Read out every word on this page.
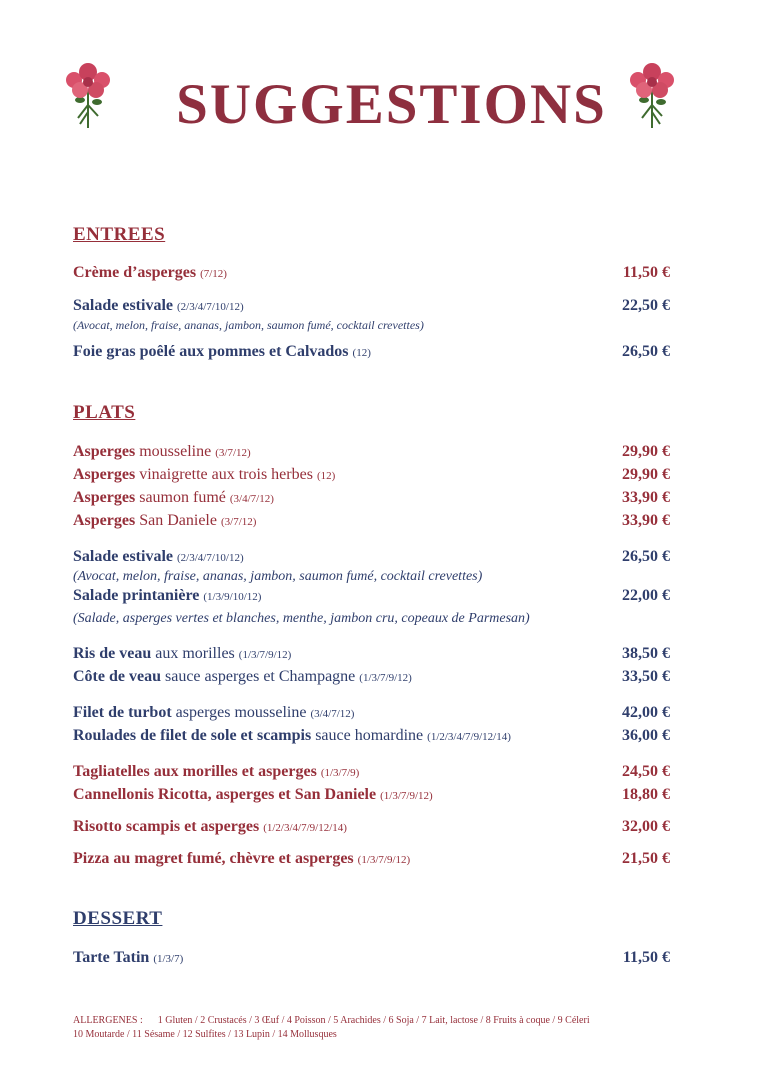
SUGGESTIONS
ENTREES
Crème d’asperges (7/12)	11,50 €
Salade estivale (2/3/4/7/10/12)	22,50 €
(Avocat, melon, fraise, ananas, jambon, saumon fumé, cocktail crevettes)
Foie gras poêlé aux pommes et Calvados (12)	26,50 €
PLATS
Asperges mousseline (3/7/12)	29,90 €
Asperges vinaigrette aux trois herbes (12)	29,90 €
Asperges saumon fumé (3/4/7/12)	33,90 €
Asperges San Daniele (3/7/12)	33,90 €
Salade estivale (2/3/4/7/10/12)	26,50 €
(Avocat, melon, fraise, ananas, jambon, saumon fumé, cocktail crevettes)
Salade printanière (1/3/9/10/12)	22,00 €
(Salade, asperges vertes et blanches, menthe, jambon cru, copeaux de Parmesan)
Ris de veau aux morilles (1/3/7/9/12)	38,50 €
Côte de veau sauce asperges et Champagne (1/3/7/9/12)	33,50 €
Filet de turbot asperges mousseline (3/4/7/12)	42,00 €
Roulades de filet de sole et scampis sauce homardine (1/2/3/4/7/9/12/14)	36,00 €
Tagliatelles aux morilles et asperges (1/3/7/9)	24,50 €
Cannellonis Ricotta, asperges et San Daniele (1/3/7/9/12)	18,80 €
Risotto scampis et asperges (1/2/3/4/7/9/12/14)	32,00 €
Pizza au magret fumé, chèvre et asperges (1/3/7/9/12)	21,50 €
DESSERT
Tarte Tatin (1/3/7)	11,50 €
ALLERGENES :      1 Gluten / 2 Crustacés / 3 Œuf / 4 Poisson / 5 Arachides / 6 Soja / 7 Lait, lactose / 8 Fruits à coque / 9 Céleri
10 Moutarde / 11 Sésame / 12 Sulfites / 13 Lupin / 14 Mollusques
